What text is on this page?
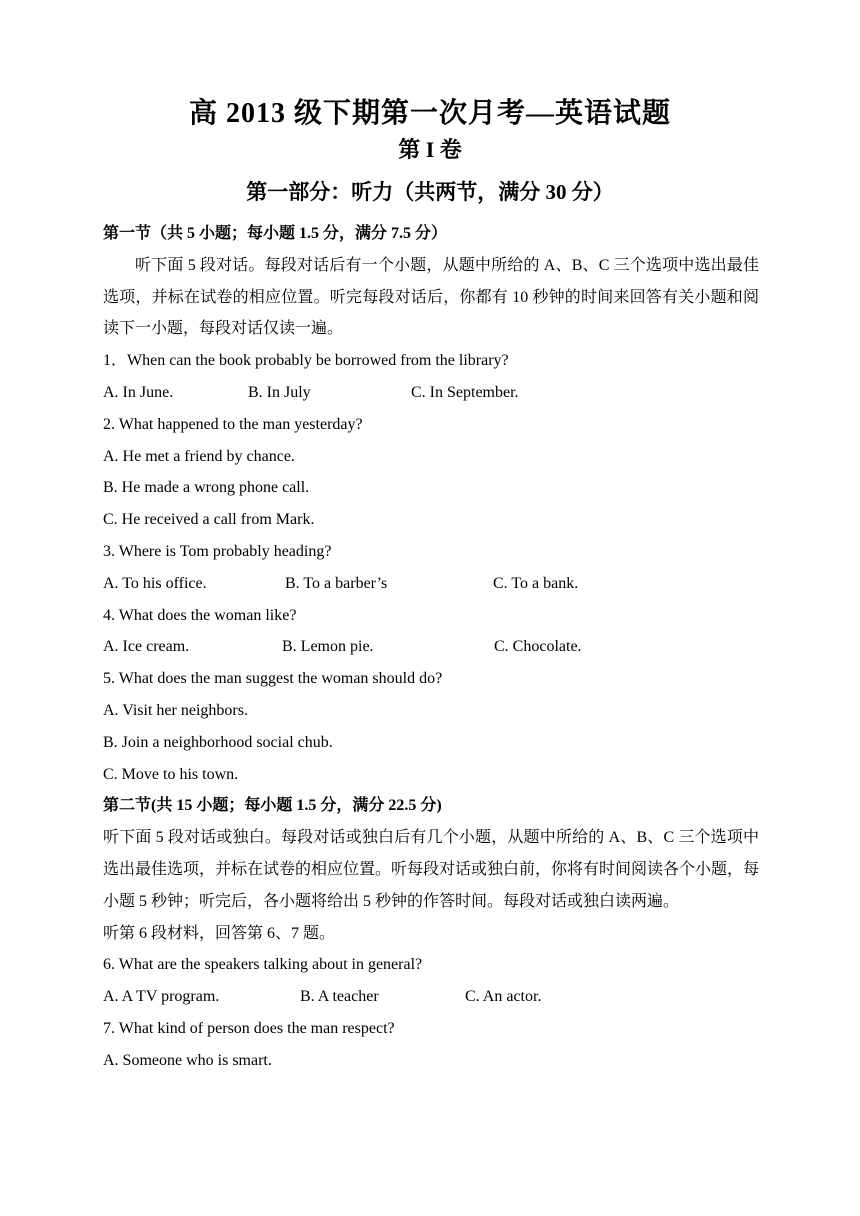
高 2013 级下期第一次月考—英语试题
第 I 卷
第一部分：听力（共两节，满分 30 分）
第一节（共 5 小题；每小题 1.5 分，满分 7.5 分）
听下面 5 段对话。每段对话后有一个小题，从题中所给的 A、B、C 三个选项中选出最佳选项，并标在试卷的相应位置。听完每段对话后，你都有 10 秒钟的时间来回答有关小题和阅读下一小题，每段对话仅读一遍。
1．When can the book probably be borrowed from the library?
A. In June.	B. In July	C. In September.
2. What happened to the man yesterday?
A. He met a friend by chance.
B. He made a wrong phone call.
C. He received a call from Mark.
3. Where is Tom probably heading?
A. To his office.	B. To a barber’s	C. To a bank.
4. What does the woman like?
A. Ice cream.	B. Lemon pie.	C. Chocolate.
5. What does the man suggest the woman should do?
A. Visit her neighbors.
B. Join a neighborhood social chub.
C. Move to his town.
第二节(共 15 小题；每小题 1.5 分，满分 22.5 分)
听下面 5 段对话或独白。每段对话或独白后有几个小题，从题中所给的 A、B、C 三个选项中选出最佳选项，并标在试卷的相应位置。听每段对话或独白前，你将有时间阅读各个小题，每小题 5 秒钟；听完后，各小题将给出 5 秒钟的作答时间。每段对话或独白读两遍。
听第 6 段材料，回答第 6、7 题。
6. What are the speakers talking about in general?
A. A TV program.	B. A teacher	C. An actor.
7. What kind of person does the man respect?
A. Someone who is smart.
